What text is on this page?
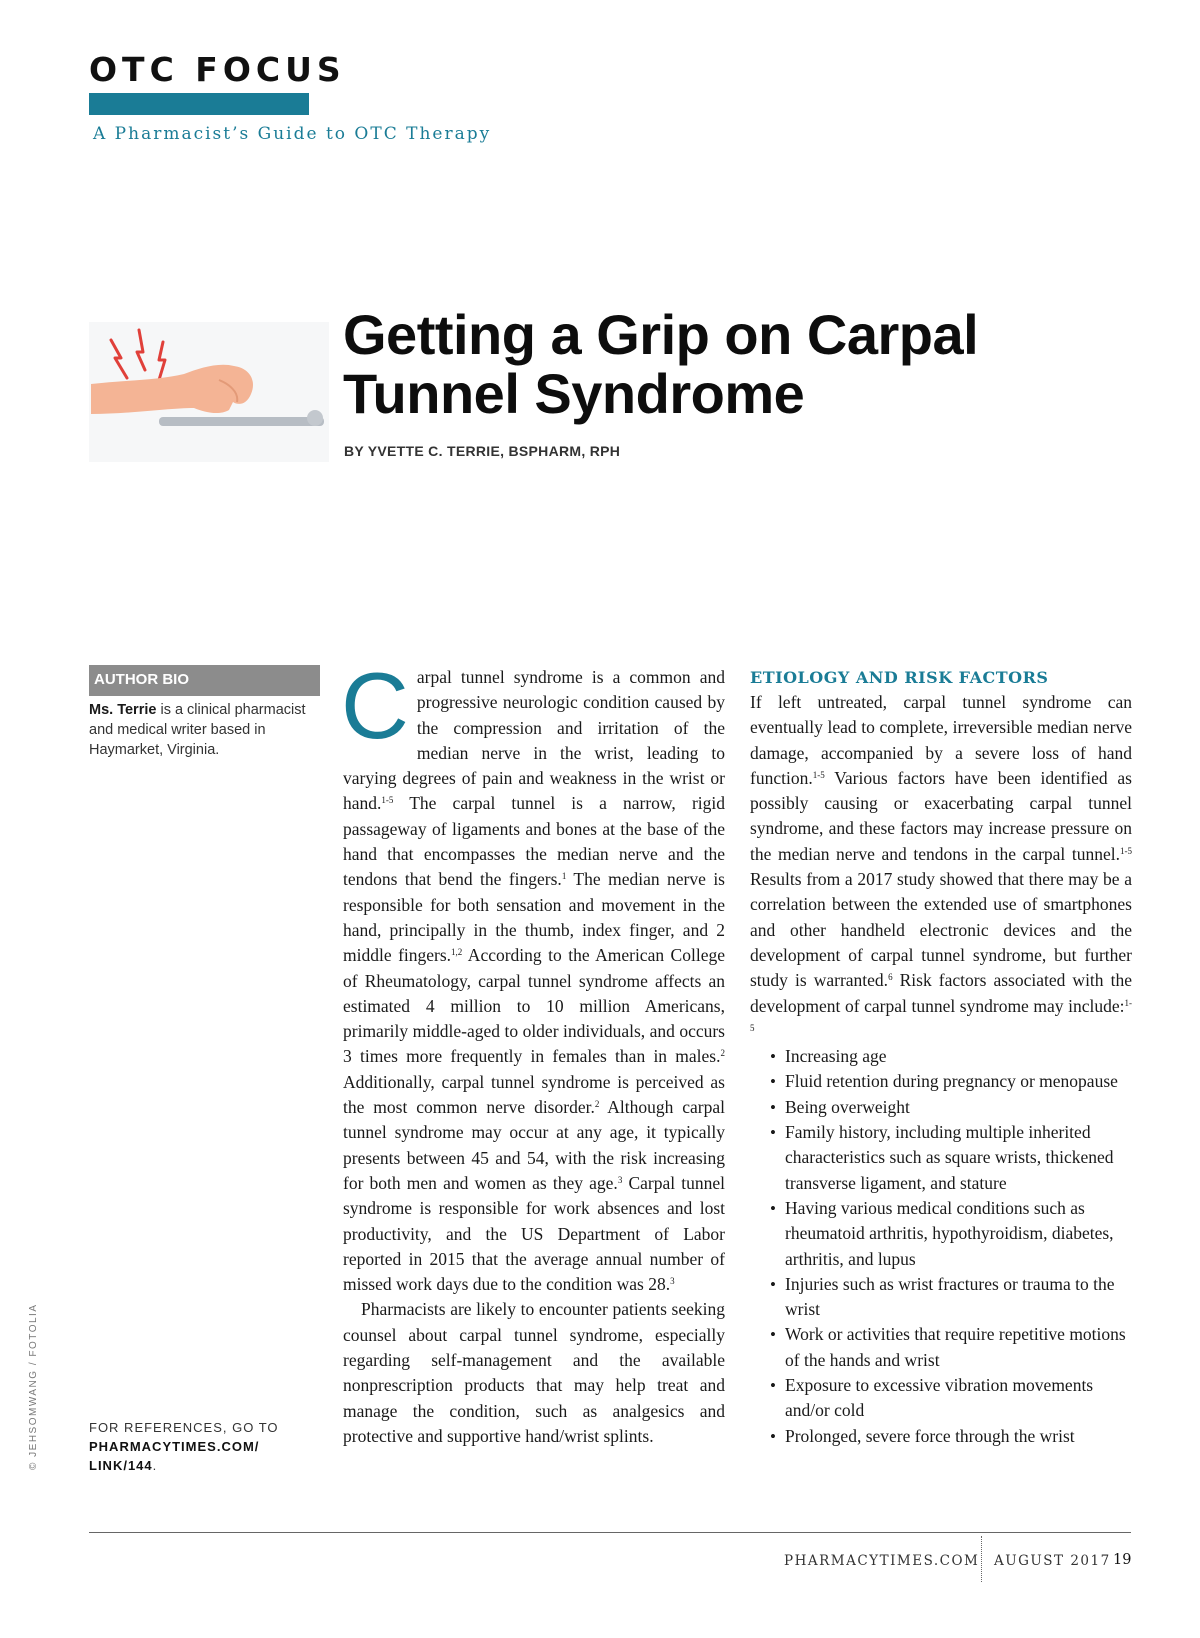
OTC FOCUS
A Pharmacist’s Guide to OTC Therapy
Getting a Grip on Carpal
Tunnel Syndrome
BY YVETTE C. TERRIE, BSPHARM, RPH
AUTHOR BIO
Ms. Terrie is a clinical pharmacist and medical writer based in Haymarket, Virginia.
FOR REFERENCES, GO TO
PHARMACYTIMES.COM/
LINK/144.
© JEHSOMWANG / FOTOLIA

Carpal tunnel syndrome is a common and progressive neurologic condition caused by the compression and irritation of the median nerve in the wrist, leading to varying degrees of pain and weakness in the wrist or hand.$^{1-5}$ The carpal tunnel is a narrow, rigid passageway of ligaments and bones at the base of the hand that encompasses the median nerve and the tendons that bend the fingers.$^1$ The median nerve is responsible for both sensation and movement in the hand, principally in the thumb, index finger, and 2 middle fingers.$^{1,2}$ According to the American College of Rheumatology, carpal tunnel syndrome affects an estimated 4 million to 10 million Americans, primarily middle-aged to older individuals, and occurs 3 times more frequently in females than in males.$^2$ Additionally, carpal tunnel syndrome is perceived as the most common nerve disorder.$^2$ Although carpal tunnel syndrome may occur at any age, it typically presents between 45 and 54, with the risk increasing for both men and women as they age.$^3$ Carpal tunnel syndrome is responsible for work absences and lost productivity, and the US Department of Labor reported in 2015 that the average annual number of missed work days due to the condition was 28.$^3$

Pharmacists are likely to encounter patients seeking counsel about carpal tunnel syndrome, especially regarding self-management and the available nonprescription products that may help treat and manage the condition, such as analgesics and protective and supportive hand/wrist splints.

ETIOLOGY AND RISK FACTORS

If left untreated, carpal tunnel syndrome can eventually lead to complete, irreversible median nerve damage, accompanied by a severe loss of hand function.$^{1-5}$ Various factors have been identified as possibly causing or exacerbating carpal tunnel syndrome, and these factors may increase pressure on the median nerve and tendons in the carpal tunnel.$^{1-5}$ Results from a 2017 study showed that there may be a correlation between the extended use of smartphones and other handheld electronic devices and the development of carpal tunnel syndrome, but further study is warranted.$^6$ Risk factors associated with the development of carpal tunnel syndrome may include:$^{1-5}$

• Increasing age
• Fluid retention during pregnancy or menopause
• Being overweight
• Family history, including multiple inherited characteristics such as square wrists, thickened transverse ligament, and stature
• Having various medical conditions such as rheumatoid arthritis, hypothyroidism, diabetes, arthritis, and lupus
• Injuries such as wrist fractures or trauma to the wrist
• Work or activities that require repetitive motions of the hands and wrist
• Exposure to excessive vibration movements and/or cold
• Prolonged, severe force through the wrist
PHARMACYTIMES.COM AUGUST 2017 19
